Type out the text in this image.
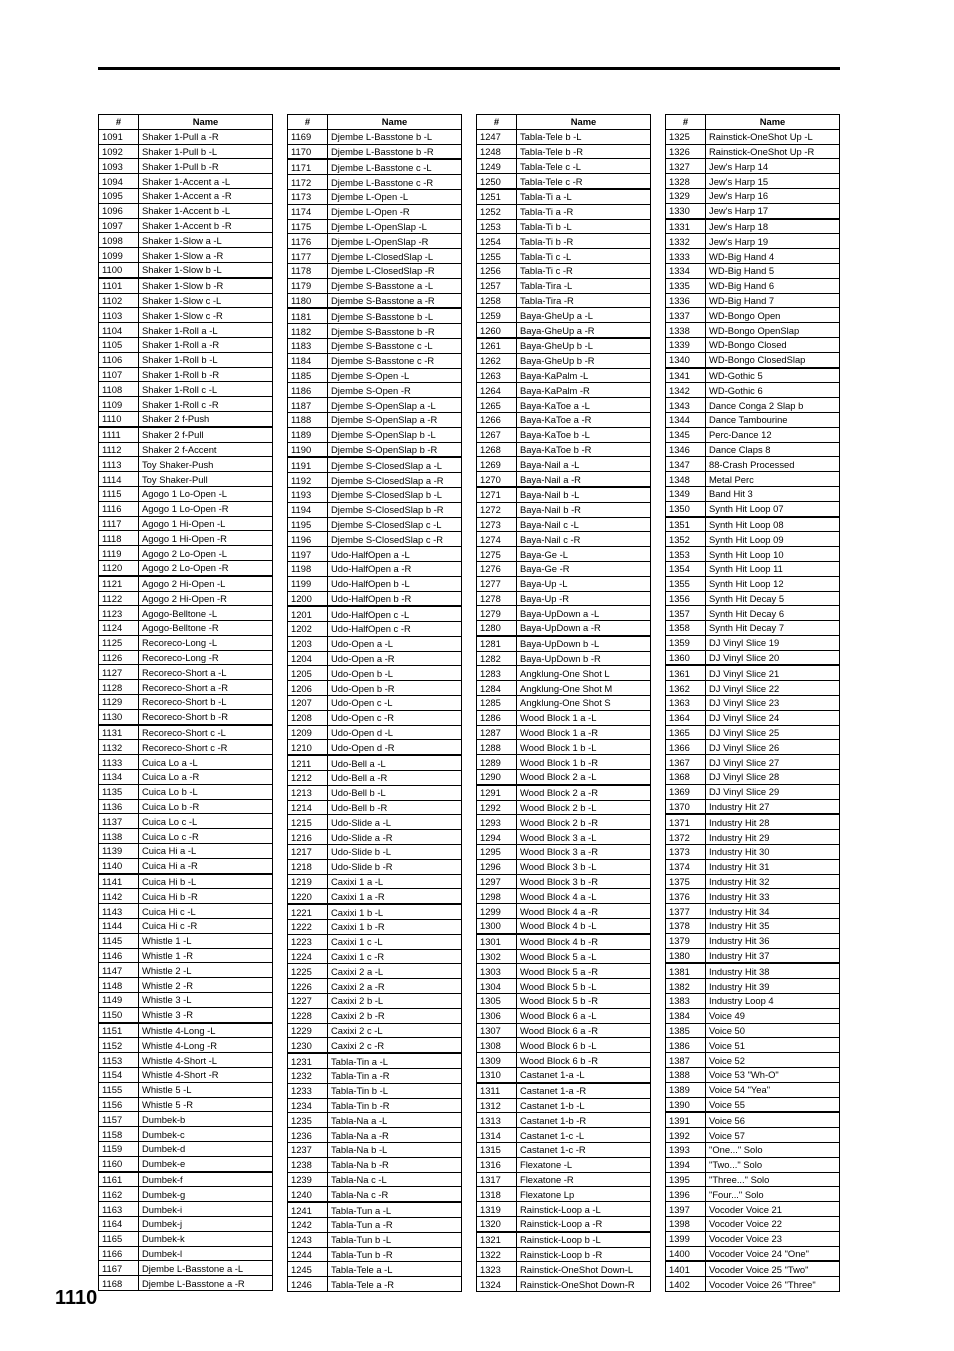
#	Name
1091	Shaker 1-Pull a -R
1092	Shaker 1-Pull b -L
1093	Shaker 1-Pull b -R
1094	Shaker 1-Accent a -L
1095	Shaker 1-Accent a -R
1096	Shaker 1-Accent b -L
1097	Shaker 1-Accent b -R
1098	Shaker 1-Slow a -L
1099	Shaker 1-Slow a -R
1100	Shaker 1-Slow b -L
1101	Shaker 1-Slow b -R
1102	Shaker 1-Slow c -L
1103	Shaker 1-Slow c -R
1104	Shaker 1-Roll a -L
1105	Shaker 1-Roll a -R
1106	Shaker 1-Roll b -L
1107	Shaker 1-Roll b -R
1108	Shaker 1-Roll c -L
1109	Shaker 1-Roll c -R
1110	Shaker 2 f-Push
1111	Shaker 2 f-Pull
1112	Shaker 2 f-Accent
1113	Toy Shaker-Push
1114	Toy Shaker-Pull
1115	Agogo 1 Lo-Open -L
1116	Agogo 1 Lo-Open -R
1117	Agogo 1 Hi-Open -L
1118	Agogo 1 Hi-Open -R
1119	Agogo 2 Lo-Open -L
1120	Agogo 2 Lo-Open -R
1121	Agogo 2 Hi-Open -L
1122	Agogo 2 Hi-Open -R
1123	Agogo-Belltone -L
1124	Agogo-Belltone -R
1125	Recoreco-Long -L
1126	Recoreco-Long -R
1127	Recoreco-Short a -L
1128	Recoreco-Short a -R
1129	Recoreco-Short b -L
1130	Recoreco-Short b -R
1131	Recoreco-Short c -L
1132	Recoreco-Short c -R
1133	Cuica Lo a -L
1134	Cuica Lo a -R
1135	Cuica Lo b -L
1136	Cuica Lo b -R
1137	Cuica Lo c -L
1138	Cuica Lo c -R
1139	Cuica Hi a -L
1140	Cuica Hi a -R
1141	Cuica Hi b -L
1142	Cuica Hi b -R
1143	Cuica Hi c -L
1144	Cuica Hi c -R
1145	Whistle 1 -L
1146	Whistle 1 -R
1147	Whistle 2 -L
1148	Whistle 2 -R
1149	Whistle 3 -L
1150	Whistle 3 -R
1151	Whistle 4-Long -L
1152	Whistle 4-Long -R
1153	Whistle 4-Short -L
1154	Whistle 4-Short -R
1155	Whistle 5 -L
1156	Whistle 5 -R
1157	Dumbek-b
1158	Dumbek-c
1159	Dumbek-d
1160	Dumbek-e
1161	Dumbek-f
1162	Dumbek-g
1163	Dumbek-i
1164	Dumbek-j
1165	Dumbek-k
1166	Dumbek-l
1167	Djembe L-Basstone a -L
1168	Djembe L-Basstone a -R
#	Name
1169	Djembe L-Basstone b -L
1170	Djembe L-Basstone b -R
1171	Djembe L-Basstone c -L
1172	Djembe L-Basstone c -R
1173	Djembe L-Open -L
1174	Djembe L-Open -R
1175	Djembe L-OpenSlap -L
1176	Djembe L-OpenSlap -R
1177	Djembe L-ClosedSlap -L
1178	Djembe L-ClosedSlap -R
1179	Djembe S-Basstone a -L
1180	Djembe S-Basstone a -R
1181	Djembe S-Basstone b -L
1182	Djembe S-Basstone b -R
1183	Djembe S-Basstone c -L
1184	Djembe S-Basstone c -R
1185	Djembe S-Open -L
1186	Djembe S-Open -R
1187	Djembe S-OpenSlap a -L
1188	Djembe S-OpenSlap a -R
1189	Djembe S-OpenSlap b -L
1190	Djembe S-OpenSlap b -R
1191	Djembe S-ClosedSlap a -L
1192	Djembe S-ClosedSlap a -R
1193	Djembe S-ClosedSlap b -L
1194	Djembe S-ClosedSlap b -R
1195	Djembe S-ClosedSlap c -L
1196	Djembe S-ClosedSlap c -R
1197	Udo-HalfOpen a -L
1198	Udo-HalfOpen a -R
1199	Udo-HalfOpen b -L
1200	Udo-HalfOpen b -R
1201	Udo-HalfOpen c -L
1202	Udo-HalfOpen c -R
1203	Udo-Open a -L
1204	Udo-Open a -R
1205	Udo-Open b -L
1206	Udo-Open b -R
1207	Udo-Open c -L
1208	Udo-Open c -R
1209	Udo-Open d -L
1210	Udo-Open d -R
1211	Udo-Bell a -L
1212	Udo-Bell a -R
1213	Udo-Bell b -L
1214	Udo-Bell b -R
1215	Udo-Slide a -L
1216	Udo-Slide a -R
1217	Udo-Slide b -L
1218	Udo-Slide b -R
1219	Caxixi 1 a -L
1220	Caxixi 1 a -R
1221	Caxixi 1 b -L
1222	Caxixi 1 b -R
1223	Caxixi 1 c -L
1224	Caxixi 1 c -R
1225	Caxixi 2 a -L
1226	Caxixi 2 a -R
1227	Caxixi 2 b -L
1228	Caxixi 2 b -R
1229	Caxixi 2 c -L
1230	Caxixi 2 c -R
1231	Tabla-Tin a -L
1232	Tabla-Tin a -R
1233	Tabla-Tin b -L
1234	Tabla-Tin b -R
1235	Tabla-Na a -L
1236	Tabla-Na a -R
1237	Tabla-Na b -L
1238	Tabla-Na b -R
1239	Tabla-Na c -L
1240	Tabla-Na c -R
1241	Tabla-Tun a -L
1242	Tabla-Tun a -R
1243	Tabla-Tun b -L
1244	Tabla-Tun b -R
1245	Tabla-Tele a -L
1246	Tabla-Tele a -R
#	Name
1247	Tabla-Tele b -L
1248	Tabla-Tele b -R
1249	Tabla-Tele c -L
1250	Tabla-Tele c -R
1251	Tabla-Ti a -L
1252	Tabla-Ti a -R
1253	Tabla-Ti b -L
1254	Tabla-Ti b -R
1255	Tabla-Ti c -L
1256	Tabla-Ti c -R
1257	Tabla-Tira -L
1258	Tabla-Tira -R
1259	Baya-GheUp a -L
1260	Baya-GheUp a -R
1261	Baya-GheUp b -L
1262	Baya-GheUp b -R
1263	Baya-KaPalm -L
1264	Baya-KaPalm -R
1265	Baya-KaToe a -L
1266	Baya-KaToe a -R
1267	Baya-KaToe b -L
1268	Baya-KaToe b -R
1269	Baya-Nail a -L
1270	Baya-Nail a -R
1271	Baya-Nail b -L
1272	Baya-Nail b -R
1273	Baya-Nail c -L
1274	Baya-Nail c -R
1275	Baya-Ge -L
1276	Baya-Ge -R
1277	Baya-Up -L
1278	Baya-Up -R
1279	Baya-UpDown a -L
1280	Baya-UpDown a -R
1281	Baya-UpDown b -L
1282	Baya-UpDown b -R
1283	Angklung-One Shot L
1284	Angklung-One Shot M
1285	Angklung-One Shot S
1286	Wood Block 1 a -L
1287	Wood Block 1 a -R
1288	Wood Block 1 b -L
1289	Wood Block 1 b -R
1290	Wood Block 2 a -L
1291	Wood Block 2 a -R
1292	Wood Block 2 b -L
1293	Wood Block 2 b -R
1294	Wood Block 3 a -L
1295	Wood Block 3 a -R
1296	Wood Block 3 b -L
1297	Wood Block 3 b -R
1298	Wood Block 4 a -L
1299	Wood Block 4 a -R
1300	Wood Block 4 b -L
1301	Wood Block 4 b -R
1302	Wood Block 5 a -L
1303	Wood Block 5 a -R
1304	Wood Block 5 b -L
1305	Wood Block 5 b -R
1306	Wood Block 6 a -L
1307	Wood Block 6 a -R
1308	Wood Block 6 b -L
1309	Wood Block 6 b -R
1310	Castanet 1-a -L
1311	Castanet 1-a -R
1312	Castanet 1-b -L
1313	Castanet 1-b -R
1314	Castanet 1-c -L
1315	Castanet 1-c -R
1316	Flexatone -L
1317	Flexatone -R
1318	Flexatone Lp
1319	Rainstick-Loop a -L
1320	Rainstick-Loop a -R
1321	Rainstick-Loop b -L
1322	Rainstick-Loop b -R
1323	Rainstick-OneShot Down-L
1324	Rainstick-OneShot Down-R
#	Name
1325	Rainstick-OneShot Up -L
1326	Rainstick-OneShot Up -R
1327	Jew's Harp 14
1328	Jew's Harp 15
1329	Jew's Harp 16
1330	Jew's Harp 17
1331	Jew's Harp 18
1332	Jew's Harp 19
1333	WD-Big Hand 4
1334	WD-Big Hand 5
1335	WD-Big Hand 6
1336	WD-Big Hand 7
1337	WD-Bongo Open
1338	WD-Bongo OpenSlap
1339	WD-Bongo Closed
1340	WD-Bongo ClosedSlap
1341	WD-Gothic 5
1342	WD-Gothic 6
1343	Dance Conga 2 Slap b
1344	Dance Tambourine
1345	Perc-Dance 12
1346	Dance Claps 8
1347	88-Crash Processed
1348	Metal Perc
1349	Band Hit 3
1350	Synth Hit Loop 07
1351	Synth Hit Loop 08
1352	Synth Hit Loop 09
1353	Synth Hit Loop 10
1354	Synth Hit Loop 11
1355	Synth Hit Loop 12
1356	Synth Hit Decay 5
1357	Synth Hit Decay 6
1358	Synth Hit Decay 7
1359	DJ Vinyl Slice 19
1360	DJ Vinyl Slice 20
1361	DJ Vinyl Slice 21
1362	DJ Vinyl Slice 22
1363	DJ Vinyl Slice 23
1364	DJ Vinyl Slice 24
1365	DJ Vinyl Slice 25
1366	DJ Vinyl Slice 26
1367	DJ Vinyl Slice 27
1368	DJ Vinyl Slice 28
1369	DJ Vinyl Slice 29
1370	Industry Hit 27
1371	Industry Hit 28
1372	Industry Hit 29
1373	Industry Hit 30
1374	Industry Hit 31
1375	Industry Hit 32
1376	Industry Hit 33
1377	Industry Hit 34
1378	Industry Hit 35
1379	Industry Hit 36
1380	Industry Hit 37
1381	Industry Hit 38
1382	Industry Hit 39
1383	Industry Loop 4
1384	Voice 49
1385	Voice 50
1386	Voice 51
1387	Voice 52
1388	Voice 53 "Wh-O"
1389	Voice 54 "Yea"
1390	Voice 55
1391	Voice 56
1392	Voice 57
1393	"One..." Solo
1394	"Two..." Solo
1395	"Three..." Solo
1396	"Four..." Solo
1397	Vocoder Voice 21
1398	Vocoder Voice 22
1399	Vocoder Voice 23
1400	Vocoder Voice 24 "One"
1401	Vocoder Voice 25 "Two"
1402	Vocoder Voice 26 "Three"
1110
